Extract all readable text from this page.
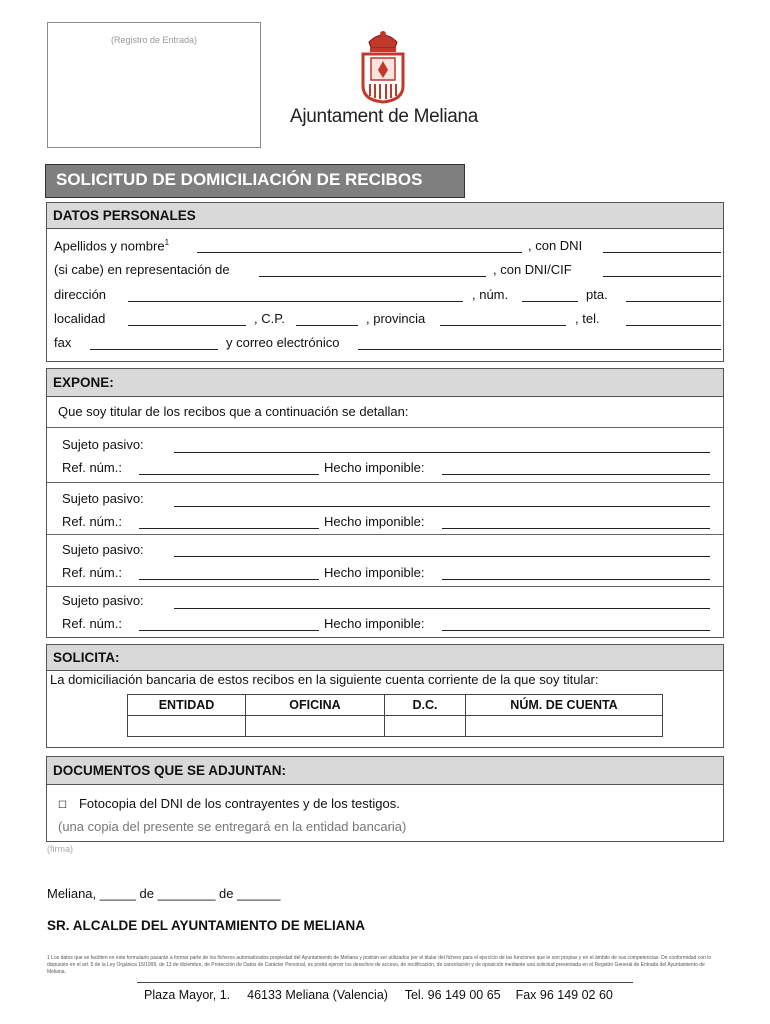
(Registro de Entrada)
Ajuntament de Meliana
SOLICITUD DE DOMICILIACIÓN DE RECIBOS
DATOS PERSONALES
Apellidos y nombre$^1$	, con DNI
(si cabe) en representación de	, con DNI/CIF
dirección	, núm.	pta.
localidad	, C.P.	, provincia	, tel.
fax	y correo electrónico
EXPONE:
Que soy titular de los recibos que a continuación se detallan:
Sujeto pasivo:
Ref. núm.:	Hecho imponible:
Sujeto pasivo:
Ref. núm.:	Hecho imponible:
Sujeto pasivo:
Ref. núm.:	Hecho imponible:
Sujeto pasivo:
Ref. núm.:	Hecho imponible:
SOLICITA:
La domiciliación bancaria de estos recibos en la siguiente cuenta corriente de la que soy titular:
ENTIDAD	OFICINA	D.C.	NÚM. DE CUENTA

DOCUMENTOS QUE SE ADJUNTAN:
☐ Fotocopia del DNI de los contrayentes y de los testigos.
(una copia del presente se entregará en la entidad bancaria)
(firma)
Meliana, _____ de ________ de ______
SR. ALCALDE DEL AYUNTAMIENTO DE MELIANA
1 Los datos que se faciliten en este formulario pasarán a formar parte de los ficheros automatizados propiedad del Ayuntamiento de Meliana y podrán ser utilizados por el titular del fichero para el ejercicio de las funciones que le son propias y en el ámbito de sus competencias. De conformidad con lo dispuesto en el art. 5 de la Ley Orgánica 15/1999, de 13 de diciembre, de Protección de Datos de Carácter Personal, es podrá ejercer los derechos de acceso, de rectificación, de cancelación y de oposición mediante una solicitud presentada en el Registro General de Entrada del Ayuntamiento de Meliana.
Plaza Mayor, 1. 46133 Meliana (Valencia) Tel. 96 149 00 65 Fax 96 149 02 60
